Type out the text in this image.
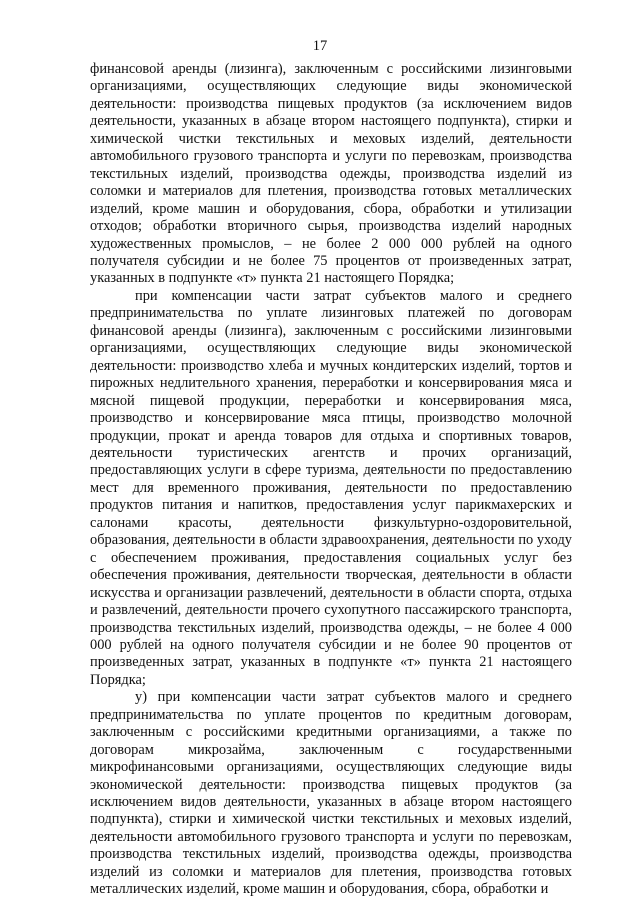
17

финансовой аренды (лизинга), заключенным с российскими лизинговыми организациями, осуществляющих следующие виды экономической деятельности: производства пищевых продуктов (за исключением видов деятельности, указанных в абзаце втором настоящего подпункта), стирки и химической чистки текстильных и меховых изделий, деятельности автомобильного грузового транспорта и услуги по перевозкам, производства текстильных изделий, производства одежды, производства изделий из соломки и материалов для плетения, производства готовых металлических изделий, кроме машин и оборудования, сбора, обработки и утилизации отходов; обработки вторичного сырья, производства изделий народных художественных промыслов, – не более 2 000 000 рублей на одного получателя субсидии и не более 75 процентов от произведенных затрат, указанных в подпункте «т» пункта 21 настоящего Порядка;

при компенсации части затрат субъектов малого и среднего предпринимательства по уплате лизинговых платежей по договорам финансовой аренды (лизинга), заключенным с российскими лизинговыми организациями, осуществляющих следующие виды экономической деятельности: производство хлеба и мучных кондитерских изделий, тортов и пирожных недлительного хранения, переработки и консервирования мяса и мясной пищевой продукции, переработки и консервирования мяса, производство и консервирование мяса птицы, производство молочной продукции, прокат и аренда товаров для отдыха и спортивных товаров, деятельности туристических агентств и прочих организаций, предоставляющих услуги в сфере туризма, деятельности по предоставлению мест для временного проживания, деятельности по предоставлению продуктов питания и напитков, предоставления услуг парикмахерских и салонами красоты, деятельности физкультурно-оздоровительной, образования, деятельности в области здравоохранения, деятельности по уходу с обеспечением проживания, предоставления социальных услуг без обеспечения проживания, деятельности творческая, деятельности в области искусства и организации развлечений, деятельности в области спорта, отдыха и развлечений, деятельности прочего сухопутного пассажирского транспорта, производства текстильных изделий, производства одежды, – не более 4 000 000 рублей на одного получателя субсидии и не более 90 процентов от произведенных затрат, указанных в подпункте «т» пункта 21 настоящего Порядка;

у) при компенсации части затрат субъектов малого и среднего предпринимательства по уплате процентов по кредитным договорам, заключенным с российскими кредитными организациями, а также по договорам микрозайма, заключенным с государственными микрофинансовыми организациями, осуществляющих следующие виды экономической деятельности: производства пищевых продуктов (за исключением видов деятельности, указанных в абзаце втором настоящего подпункта), стирки и химической чистки текстильных и меховых изделий, деятельности автомобильного грузового транспорта и услуги по перевозкам, производства текстильных изделий, производства одежды, производства изделий из соломки и материалов для плетения, производства готовых металлических изделий, кроме машин и оборудования, сбора, обработки и
